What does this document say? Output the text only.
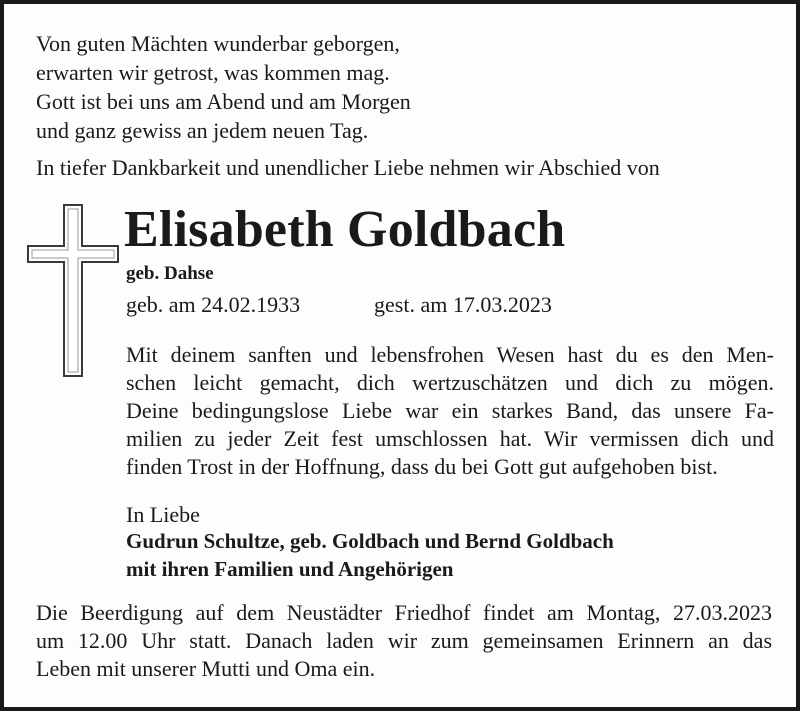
Von guten Mächten wunderbar geborgen,
erwarten wir getrost, was kommen mag.
Gott ist bei uns am Abend und am Morgen
und ganz gewiss an jedem neuen Tag.
In tiefer Dankbarkeit und unendlicher Liebe nehmen wir Abschied von
Elisabeth Goldbach
geb. Dahse
geb. am 24.02.1933	gest. am 17.03.2023
Mit deinem sanften und lebensfrohen Wesen hast du es den Men-
schen leicht gemacht, dich wertzuschätzen und dich zu mögen.
Deine bedingungslose Liebe war ein starkes Band, das unsere Fa-
milien zu jeder Zeit fest umschlossen hat. Wir vermissen dich und
finden Trost in der Hoffnung, dass du bei Gott gut aufgehoben bist.
In Liebe
Gudrun Schultze, geb. Goldbach und Bernd Goldbach
mit ihren Familien und Angehörigen
Die Beerdigung auf dem Neustädter Friedhof findet am Montag, 27.03.2023
um 12.00 Uhr statt. Danach laden wir zum gemeinsamen Erinnern an das
Leben mit unserer Mutti und Oma ein.
